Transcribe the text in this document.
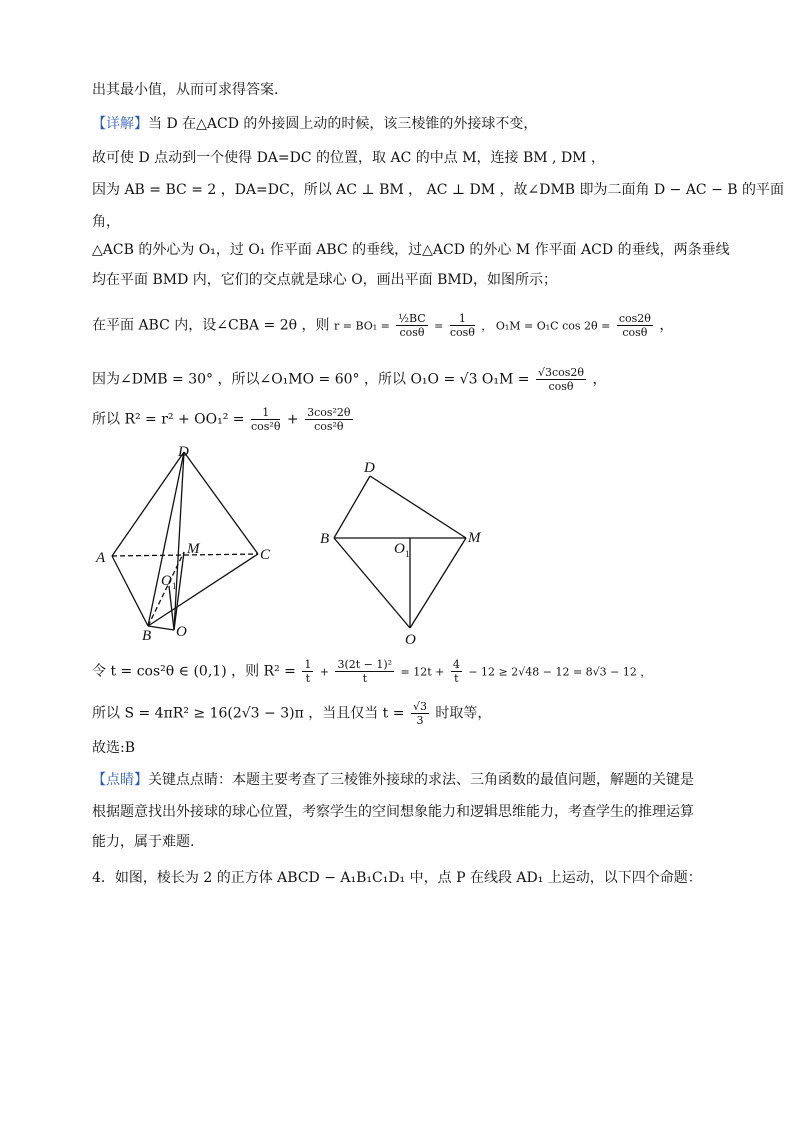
出其最小值，从而可求得答案.
【详解】当 D 在△ACD 的外接圆上动的时候，该三棱锥的外接球不变，
故可使 D 点动到一个使得 DA=DC 的位置，取 AC 的中点 M，连接 BM , DM ，
因为 AB = BC = 2 ，DA=DC，所以 AC ⊥ BM ， AC ⊥ DM ，故∠DMB 即为二面角 D − AC − B 的平面
角，
△ACB 的外心为 O₁，过 O₁ 作平面 ABC 的垂线，过△ACD 的外心 M 作平面 ACD 的垂线，两条垂线
均在平面 BMD 内，它们的交点就是球心 O，画出平面 BMD，如图所示；
在平面 ABC 内，设∠CBA = 2θ ，则 $r = BO_1 = \frac{\text{½BC}}{\cos\theta} = \frac{1}{\cos\theta}$ ， O₁M = O₁C $\cos 2\theta = \frac{\cos 2\theta}{\cos\theta}$ ，
因为∠DMB = 30° ，所以∠O₁MO = 60° ，所以 O₁O = √3 $O_1M = \frac{√3\cos 2\theta}{\cos\theta}$ ，
所以 $R^2 = r^2 + OO_1^2 = \frac{1}{\text{cos²θ}} + \frac{\text{3cos²2θ}}{\text{cos²θ}}$
D
A
M	C
O 1
B O
D
B
O 1
M
O
令 t = cos²θ ∈ (0,1) ，则 $R^2 = \frac{1}{t} + \frac{\text{3(2t − 1)²}}{t} = 12t + \frac{4}{t} - 12 \ge 2√48 - 12 = 8√3 - 12$ ，
所以 S = 4πR² ≥ 16(2√3 − 3)π ，当且仅当 $t = \frac{√3}{3}$ 时取等，
故选:B
【点睛】关键点点睛：本题主要考查了三棱锥外接球的求法、三角函数的最值问题，解题的关键是
根据题意找出外接球的球心位置，考察学生的空间想象能力和逻辑思维能力，考查学生的推理运算
能力，属于难题.
4．如图，棱长为 2 的正方体 ABCD − A₁B₁C₁D₁ 中，点 P 在线段 AD₁ 上运动，以下四个命题：
